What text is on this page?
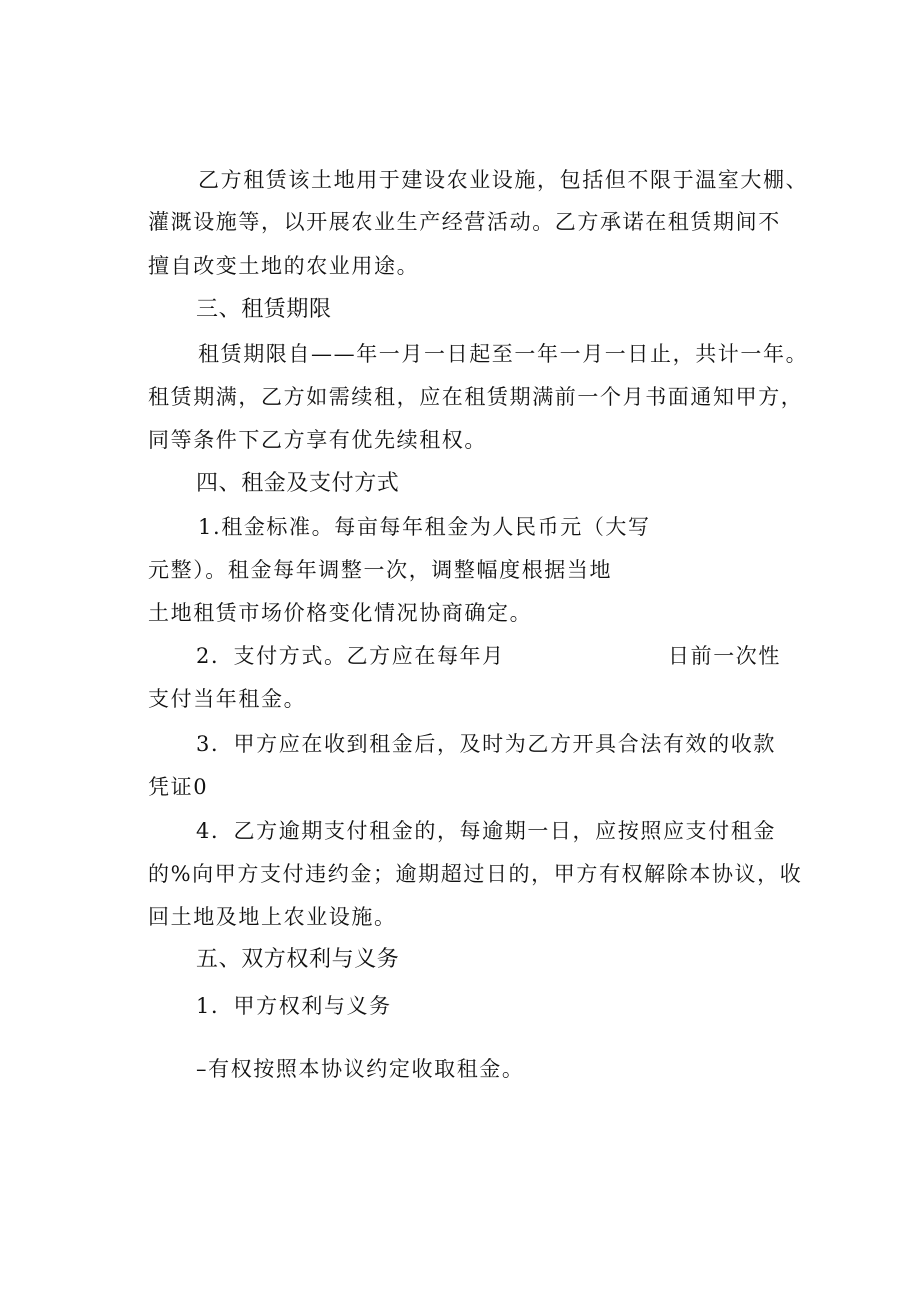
乙方租赁该土地用于建设农业设施，包括但不限于温室大棚、
灌溉设施等，以开展农业生产经营活动。乙方承诺在租赁期间不
擅自改变土地的农业用途。
三、租赁期限
租赁期限自——年一月一日起至一年一月一日止，共计一年。
租赁期满，乙方如需续租，应在租赁期满前一个月书面通知甲方，
同等条件下乙方享有优先续租权。
四、租金及支付方式
1.租金标准。每亩每年租金为人民币元（大写
元整）。租金每年调整一次，调整幅度根据当地
土地租赁市场价格变化情况协商确定。
2．支付方式。乙方应在每年月	日前一次性
支付当年租金。
3．甲方应在收到租金后，及时为乙方开具合法有效的收款
凭证0
4．乙方逾期支付租金的，每逾期一日，应按照应支付租金
的%向甲方支付违约金；逾期超过日的，甲方有权解除本协议，收
回土地及地上农业设施。
五、双方权利与义务
1．甲方权利与义务
–有权按照本协议约定收取租金。
